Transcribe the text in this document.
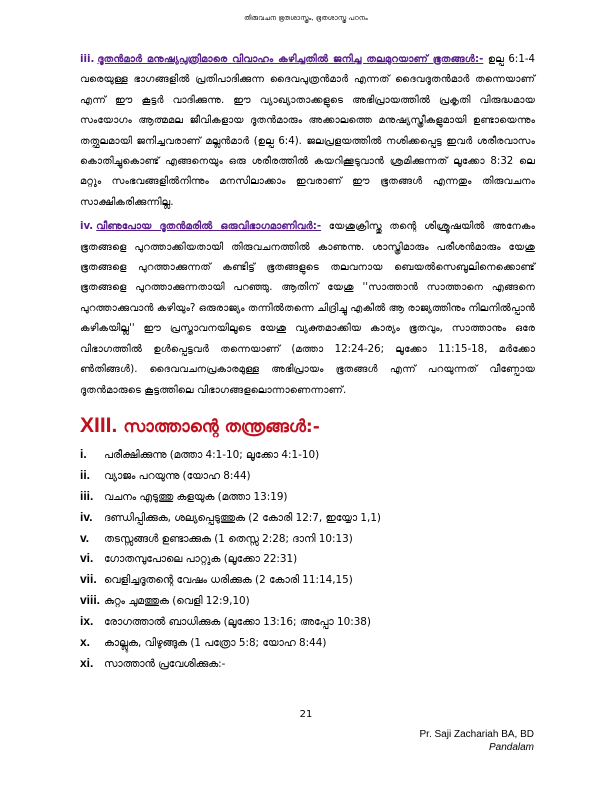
തിരുവചന ഭൂതശാസ്ത്രം, ഭൂതശാസ്ത്ര പഠനം

iii. ദൂതൻമാർ മനുഷ്യപുത്രിമാരെ വിവാഹം കഴിച്ചതിൽ ജനിച്ച തലമുറയാണ് ഭൂതങ്ങൾ:- ഉല്പ 6:1-4 വരെയുള്ള ഭാഗങ്ങളിൽ പ്രതിപാദിക്കുന്ന ദൈവപുത്രൻമാർ എന്നത് ദൈവദൂതൻമാർ തന്നെയാണ് എന്ന് ഈ കൂട്ടർ വാദിക്കുന്നു. ഈ വ്യാഖ്യാതാക്കളുടെ അഭിപ്രായത്തിൽ പ്രകൃതി വിരുദ്ധമായ സംയോഗം ആത്മമല ജീവികളായ ദൂതൻമാരും അക്കാലത്തെ മനുഷ്യസ്ത്രീകളുമായി ഉണ്ടായെന്നും തത്ഫലമായി ജനിച്ചവരാണ് മല്ലൻമാർ (ഉല്പ 6:4). ജലപ്രളയത്തിൽ നശിക്കപ്പെട്ട ഇവർ ശരീരവാസം കൊതിച്ചുകൊണ്ട് എങ്ങനെയും ഒരു ശരീരത്തിൽ കയറിക്കൂടുവാൻ ശ്രമിക്കുന്നത് ലൂക്കോ 8:32 ലെ മറ്റും സംഭവങ്ങളിൽനിന്നും മനസിലാക്കാം ഇവരാണ് ഈ ഭൂതങ്ങൾ എന്നതും തിരുവചനം സാക്ഷികരിക്കുന്നില്ല.

iv. വീണുപോയ ദൂതൻമരിൽ ഒരുവിഭാഗമാണിവർ:- യേശുക്രിസ്തു തന്റെ ശിശ്രൂഷയിൽ അനേകം ഭൂതങ്ങളെ പുറത്താക്കിയതായി തിരുവചനത്തിൽ കാണുന്നു. ശാസ്ത്രിമാരും പരീശൻമാരും യേശു ഭൂതങ്ങളെ പുറത്താക്കുന്നത് കണ്ടിട്ട് ഭൂതങ്ങളുടെ തലവനായ ബെയൽസെബൂലിനെക്കൊണ്ട് ഭൂതങ്ങളെ പുറത്താക്കുന്നതായി പറഞ്ഞു. ആതിന് യേശു ''സാത്താൻ സാത്താനെ എങ്ങനെ പുറത്താക്കുവാൻ കഴിയും? ഒരുരാജ്യം തന്നിൽതന്നെ ചിദ്രിച്ചു എകിൽ ആ രാജ്യത്തിനും നിലനിൽപ്പാൻ കഴികയില്ല'' ഈ പ്രസ്താവനയിലൂടെ യേശു വ്യക്തമാക്കിയ കാര്യം ഭൂതവും, സാത്താനും ഒരേ വിഭാഗത്തിൽ ഉൾപ്പെട്ടവർ തന്നെയാണ് (മത്താ 12:24-26; ലൂക്കോ 11:15-18, മർക്കോ ൺതിങ്ങൾ). ദൈവവചനപ്രകാരമുള്ള അഭിപ്രായം ഭൂതങ്ങൾ എന്ന് പറയുന്നത് വീണ്പോയ ദൂതൻമാരുടെ കൂട്ടത്തിലെ വിഭാഗങ്ങളലൊന്നാണെന്നാണ്.

XIII. സാത്താന്റെ തന്ത്രങ്ങൾ:-
i. പരീക്ഷിക്കുന്നു (മത്താ 4:1-10; ലൂക്കോ 4:1-10)
ii. വ്യാജം പറയുന്നു (യോഹ 8:44)
iii. വചനം എടുത്തു കളയുക (മത്താ 13:19)
iv. ദണ്ഡിപ്പിക്കുക, ശല്യപ്പെടുത്തുക (2 കോരി 12:7, ഇയ്യോ 1,1)
v. തടസ്സങ്ങൾ ഉണ്ടാക്കുക (1 തെസ്സ 2:28; ദാനി 10:13)
vi. ഗോതമ്പുപോലെ പാറ്റുക (ലൂക്കോ 22:31)
vii. വെളിച്ചദൂതന്റെ വേഷം ധരിക്കുക (2 കോരി 11:14,15)
viii. കുറ്റം ചുമത്തുക (വെളി 12:9,10)
ix. രോഗത്താൽ ബാധിക്കുക (ലൂക്കോ 13:16; അപ്പോ 10:38)
x. കാല്ലുക, വിഴുങ്ങുക (1 പത്രോ 5:8; യോഹ 8:44)
xi. സാത്താൻ പ്രവേശിക്കുക:-
21
Pr. Saji Zachariah BA, BD
Pandalam
